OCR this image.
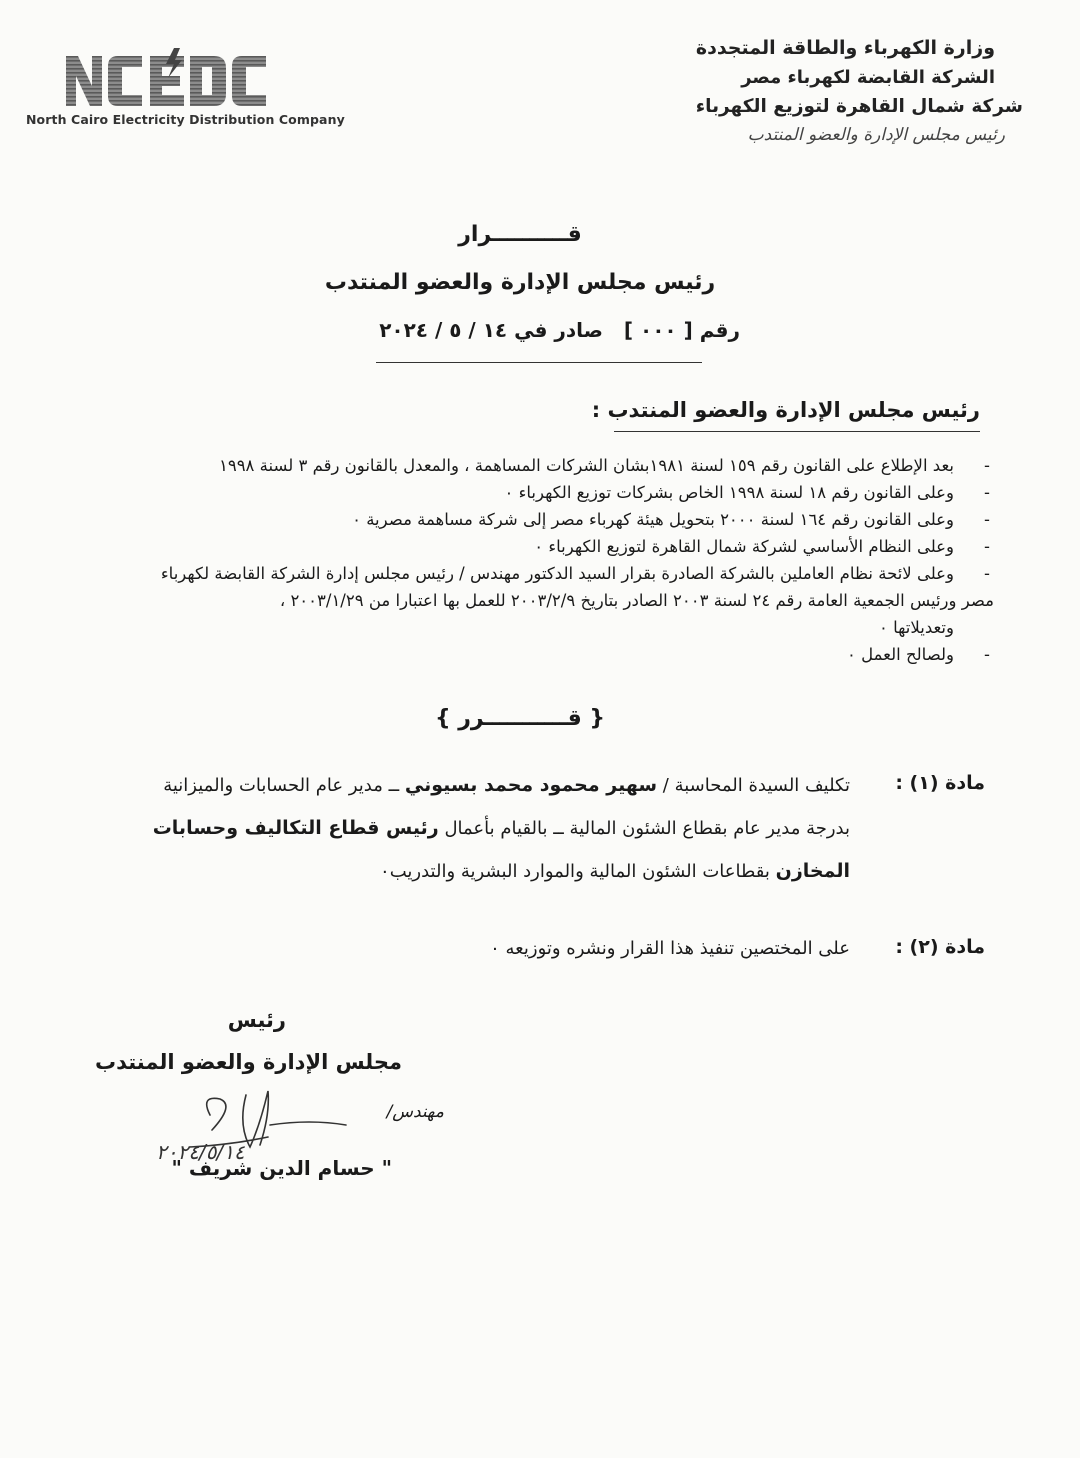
North Cairo Electricity Distribution Company
وزارة الكهرباء والطاقة المتجددة
الشركة القابضة لكهرباء مصر
شركة شمال القاهرة لتوزيع الكهرباء
رئيس مجلس الإدارة والعضو المنتدب
قــــــــــرار
رئيس مجلس الإدارة والعضو المنتدب
رقم [ ٠٠٠ ]   صادر في ١٤ / ٥ / ٢٠٢٤
رئيس مجلس الإدارة والعضو المنتدب :
-
بعد الإطلاع على القانون رقم ١٥٩ لسنة ١٩٨١بشان الشركات المساهمة ، والمعدل بالقانون رقم ٣ لسنة ١٩٩٨
-
وعلى القانون رقم ١٨ لسنة ١٩٩٨ الخاص بشركات توزيع الكهرباء ٠
-
وعلى القانون رقم ١٦٤ لسنة ٢٠٠٠ بتحويل هيئة كهرباء مصر إلى شركة مساهمة مصرية ٠
-
وعلى النظام الأساسي لشركة شمال القاهرة لتوزيع الكهرباء ٠
-
وعلى لائحة نظام العاملين بالشركة الصادرة بقرار السيد الدكتور مهندس / رئيس مجلس إدارة الشركة القابضة لكهرباء
مصر ورئيس الجمعية العامة رقم ٢٤ لسنة ٢٠٠٣ الصادر بتاريخ ٢٠٠٣/٢/٩ للعمل بها اعتبارا من ٢٠٠٣/١/٢٩ ،
وتعديلاتها ٠
-
ولصالح العمل ٠
{ قـــــــــــرر }
مادة (١) :
تكليف السيدة المحاسبة / سهير محمود محمد بسيوني ــ مدير عام الحسابات والميزانية
بدرجة مدير عام بقطاع الشئون المالية ــ بالقيام بأعمال رئيس قطاع التكاليف وحسابات
المخازن بقطاعات الشئون المالية والموارد البشرية والتدريب٠
مادة (٢) :
على المختصين تنفيذ هذا القرار ونشره وتوزيعه ٠
رئيس
مجلس الإدارة والعضو المنتدب
مهندس/
٢٠٢٤/٥/١٤
" حسام الدين شريف "
